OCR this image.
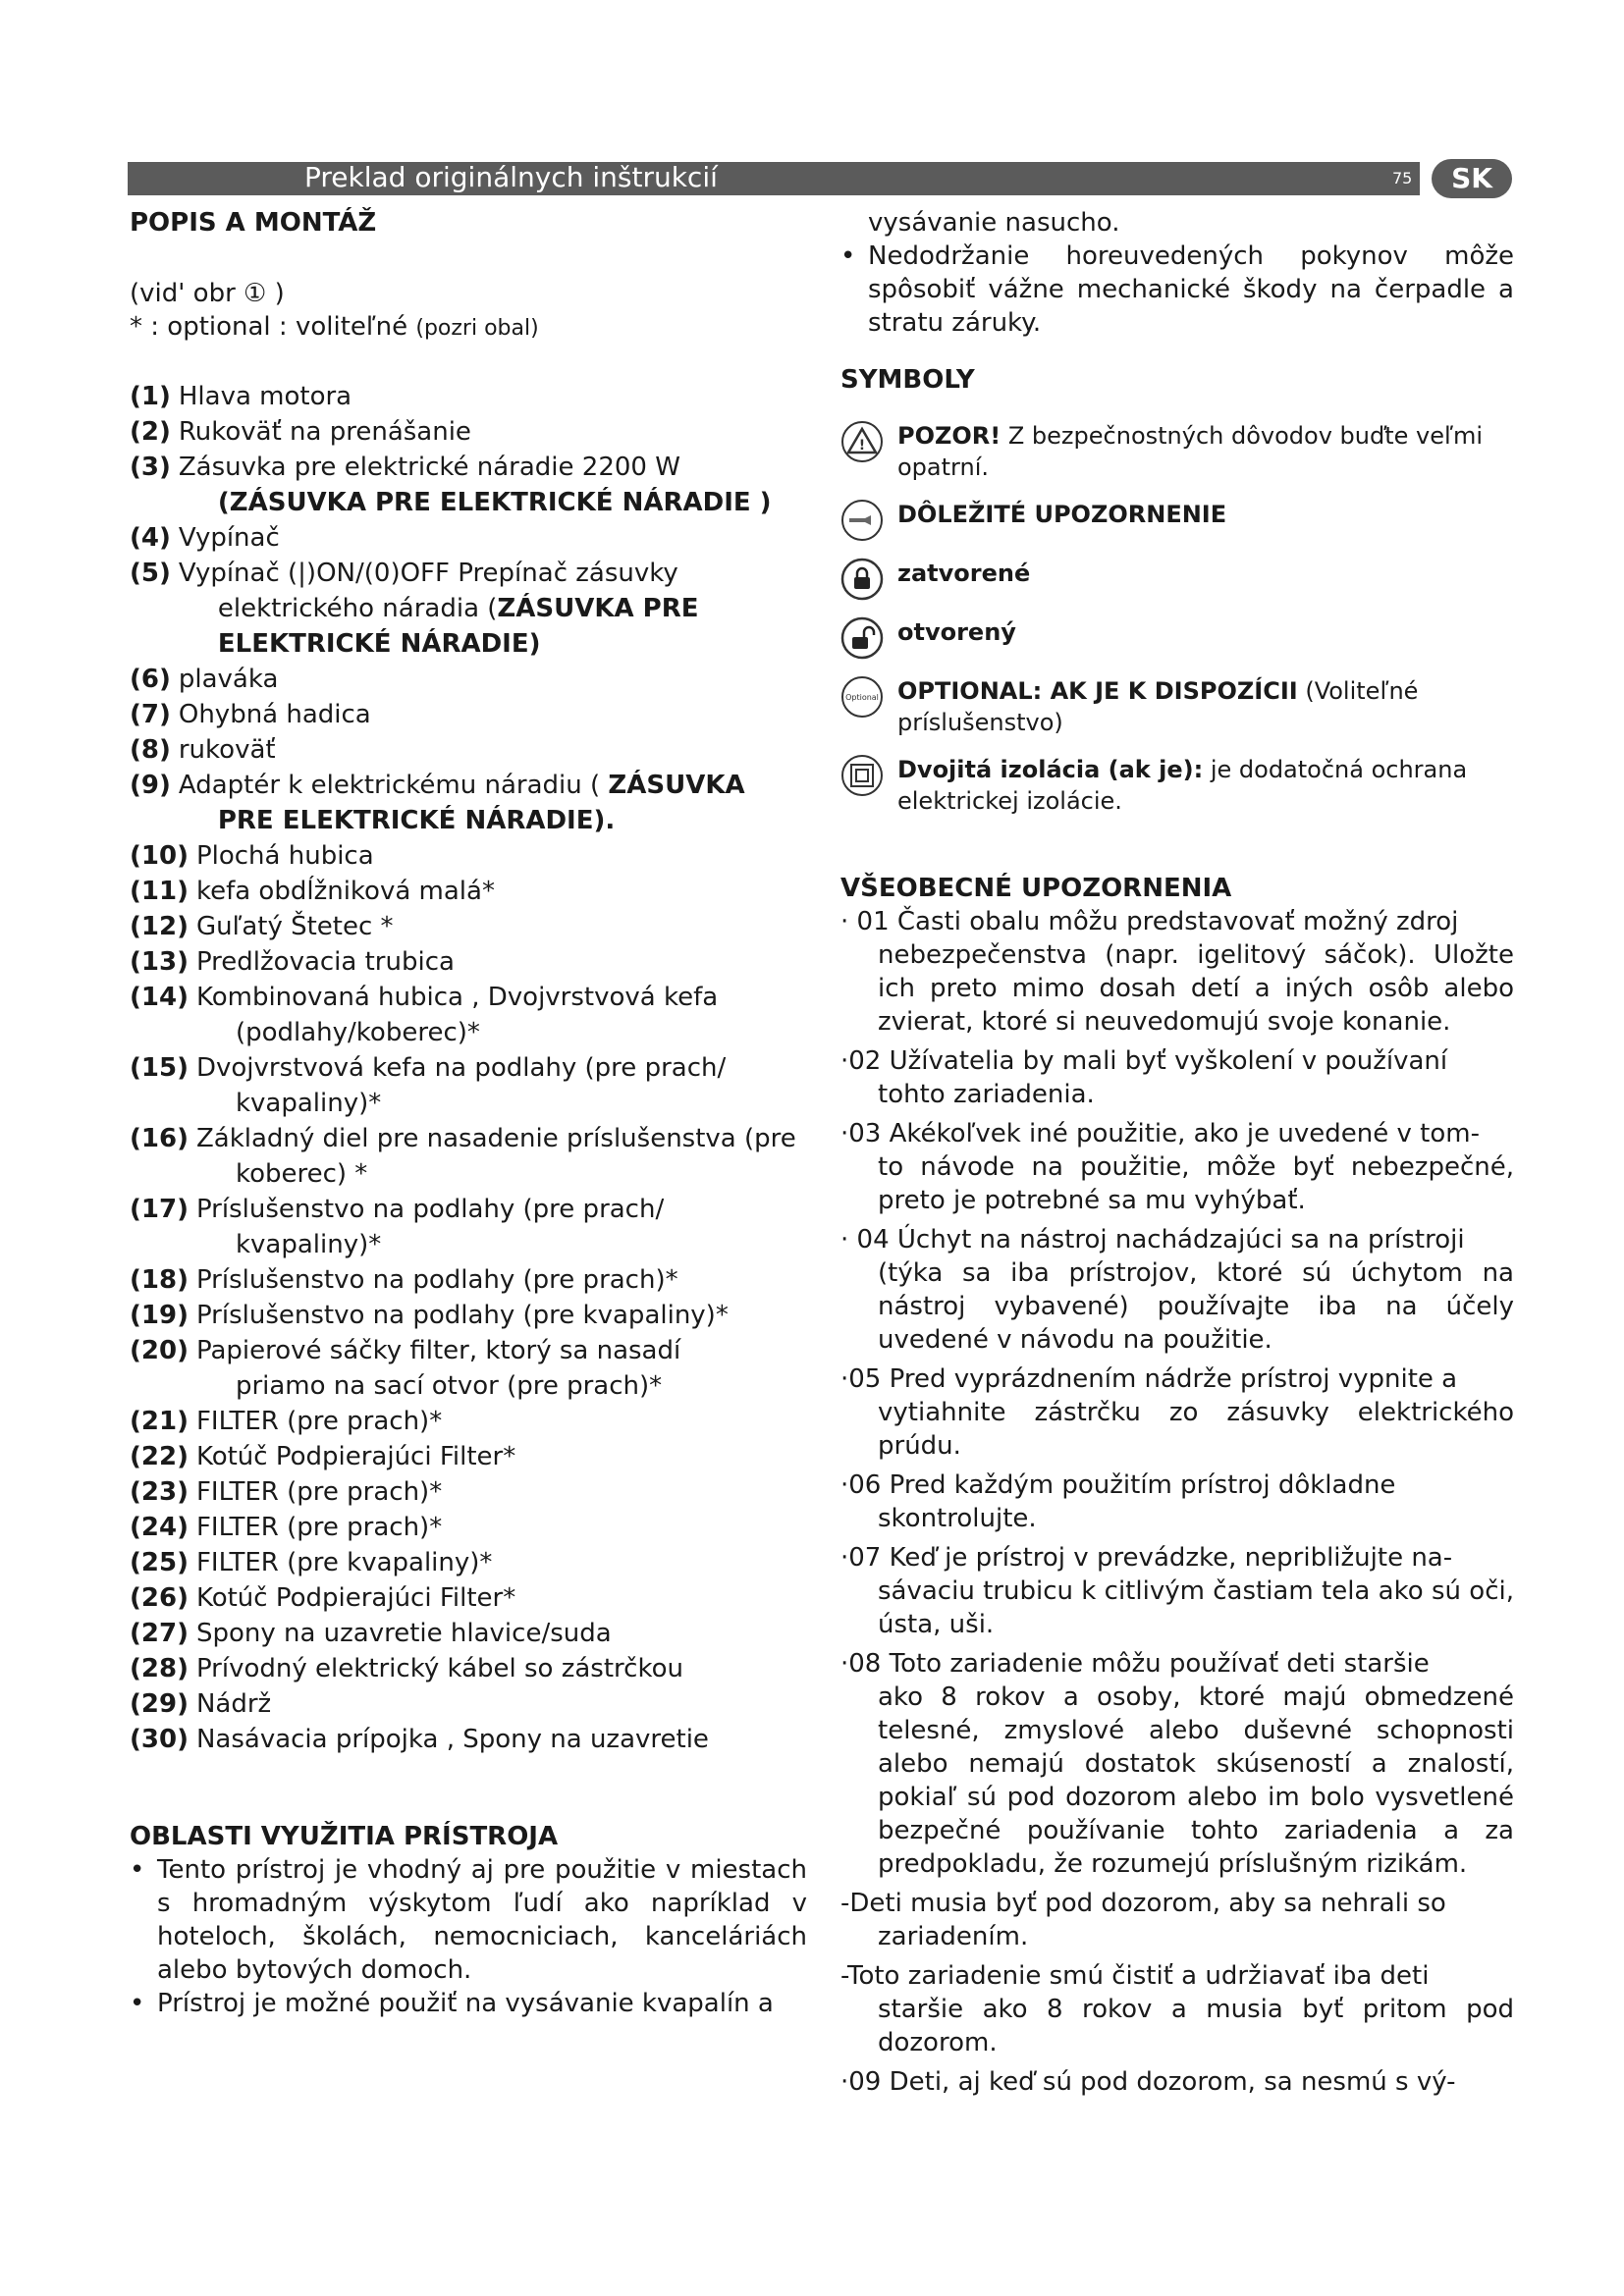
Preklad originálnych inštrukcií	75	SK

POPIS A MONTÁŽ

(vid' obr ① )

* : optional : voliteľné (pozri obal)

(1) Hlava motora
(2) Rukoväť na prenášanie
(3) Zásuvka pre elektrické náradie 2200 W
(ZÁSUVKA PRE ELEKTRICKÉ NÁRADIE )
(4) Vypínač
(5) Vypínač (|)ON/(0)OFF Prepínač zásuvky
elektrického náradia (ZÁSUVKA PRE ELEKTRICKÉ NÁRADIE)
(6) plaváka
(7) Ohybná hadica
(8) rukoväť
(9) Adaptér k elektrickému náradiu ( ZÁSUVKA
PRE ELEKTRICKÉ NÁRADIE).
(10) Plochá hubica
(11) kefa obdĺžniková malá*
(12) Guľatý Štetec *
(13) Predlžovacia trubica
(14) Kombinovaná hubica , Dvojvrstvová kefa
(podlahy/koberec)*
(15) Dvojvrstvová kefa na podlahy (pre prach/
kvapaliny)*
(16) Základný diel pre nasadenie príslušenstva (pre
koberec) *
(17) Príslušenstvo na podlahy (pre prach/
kvapaliny)*
(18) Príslušenstvo na podlahy (pre prach)*
(19) Príslušenstvo na podlahy (pre kvapaliny)*
(20) Papierové sáčky filter, ktorý sa nasadí
priamo na sací otvor (pre prach)*
(21) FILTER (pre prach)*
(22) Kotúč Podpierajúci Filter*
(23) FILTER (pre prach)*
(24) FILTER (pre prach)*
(25) FILTER (pre kvapaliny)*
(26) Kotúč Podpierajúci Filter*
(27) Spony na uzavretie hlavice/suda
(28) Prívodný elektrický kábel so zástrčkou
(29) Nádrž
(30) Nasávacia prípojka , Spony na uzavretie

OBLASTI VYUŽITIA PRÍSTROJA

• Tento prístroj je vhodný aj pre použitie v miestach s hromadným výskytom ľudí ako napríklad v hoteloch, školách, nemocniciach, kanceláriách alebo bytových domoch.
• Prístroj je možné použiť na vysávanie kvapalín a

vysávanie nasucho.

• Nedodržanie horeuvedených pokynov môže spôsobiť vážne mechanické škody na čerpadle a stratu záruky.

SYMBOLY

! POZOR! Z bezpečnostných dôvodov buďte veľmi opatrní.
DÔLEŽITÉ UPOZORNENIE
zatvorené
otvorený
Optional OPTIONAL: AK JE K DISPOZÍCII (Voliteľné príslušenstvo)
Dvojitá izolácia (ak je): je dodatočná ochrana elektrickej izolácie.

VŠEOBECNÉ UPOZORNENIA

· 01 Časti obalu môžu predstavovať možný zdroj
nebezpečenstva (napr. igelitový sáčok). Uložte ich preto mimo dosah detí a iných osôb alebo zvierat, ktoré si neuvedomujú svoje konanie.

·02 Užívatelia by mali byť vyškolení v používaní
tohto zariadenia.

·03 Akékoľvek iné použitie, ako je uvedené v tom-
to návode na použitie, môže byť nebezpečné, preto je potrebné sa mu vyhýbať.

· 04 Úchyt na nástroj nachádzajúci sa na prístroji
(týka sa iba prístrojov, ktoré sú úchytom na nástroj vybavené) používajte iba na účely uvedené v návodu na použitie.

·05 Pred vyprázdnením nádrže prístroj vypnite a
vytiahnite zástrčku zo zásuvky elektrického prúdu.

·06 Pred každým použitím prístroj dôkladne
skontrolujte.

·07 Keď je prístroj v prevádzke, nepribližujte na-
sávaciu trubicu k citlivým častiam tela ako sú oči, ústa, uši.

·08 Toto zariadenie môžu používať deti staršie
ako 8 rokov a osoby, ktoré majú obmedzené telesné, zmyslové alebo duševné schopnosti alebo nemajú dostatok skúseností a znalostí, pokiaľ sú pod dozorom alebo im bolo vysvetlené bezpečné používanie tohto zariadenia a za predpokladu, že rozumejú príslušným rizikám.

-Deti musia byť pod dozorom, aby sa nehrali so
zariadením.

-Toto zariadenie smú čistiť a udržiavať iba deti
staršie ako 8 rokov a musia byť pritom pod dozorom.

·09 Deti, aj keď sú pod dozorom, sa nesmú s vý-
